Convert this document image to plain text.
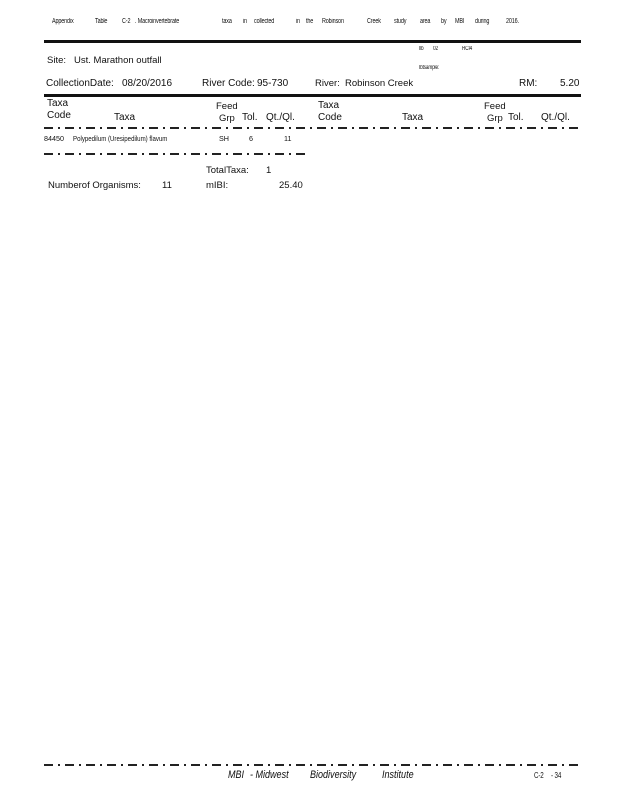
Appendix	Table C-2 . Macroinvertebrate	taxa in collected	in the Robinson	Creek study area by MBI during 2016.
Ilb 02	RCI4
Ibtsample:
Site: Ust. Marathon outfall
CollectionDate: 08/20/2016	River Code: 95-730	River: Robinson Creek	RM: 5.20
Taxa
Code	Taxa
Feed
Grp Tol. Qt./Ql.
Taxa
Code	Taxa
Feed
Grp Tol. Qt./Ql.
84450 Polypedilum (Uresipedilum) flavum	SH	6	11
TotalTaxa: 1
Numberof Organisms: 11	mIBI:	25.40
MBI - Midwest Biodiversity Institute	C-2 - 34
